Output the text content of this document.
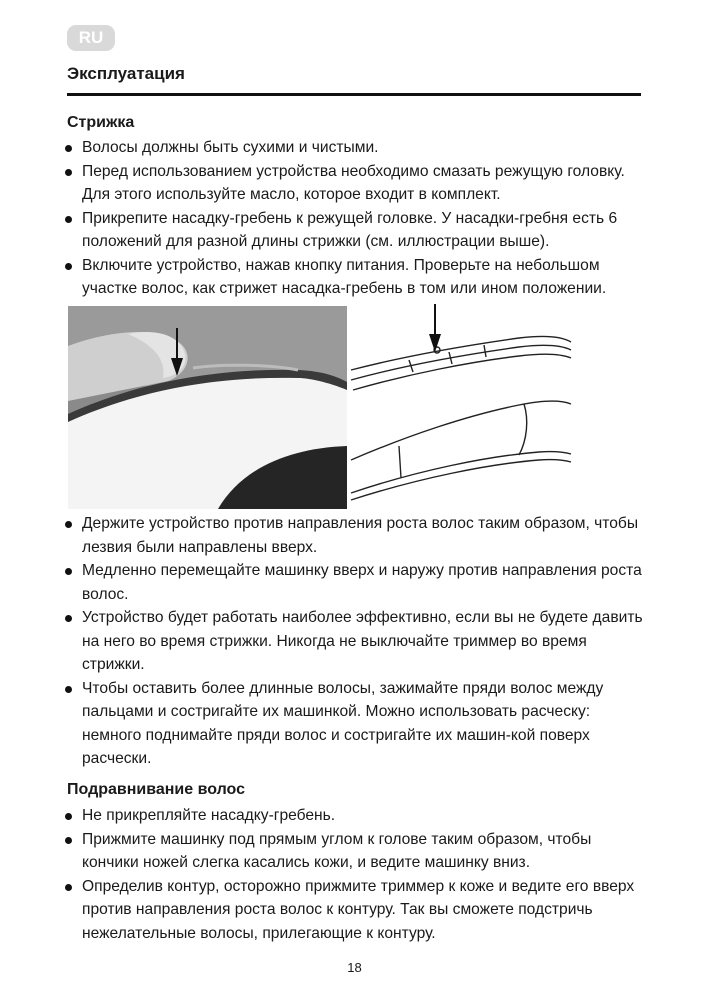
RU
Эксплуатация
Стрижка
Волосы должны быть сухими и чистыми.
Перед использованием устройства необходимо смазать режущую головку. Для этого используйте масло, которое входит в комплект.
Прикрепите насадку-гребень к режущей головке. У насадки-гребня есть 6 положений для разной длины стрижки (см. иллюстрации выше).
Включите устройство, нажав кнопку питания. Проверьте на небольшом участке волос, как стрижет насадка-гребень в том или ином положении.
Держите устройство против направления роста волос таким образом, чтобы лезвия были направлены вверх.
Медленно перемещайте машинку вверх и наружу против направления роста волос.
Устройство будет работать наиболее эффективно, если вы не будете давить на него во время стрижки. Никогда не выключайте триммер во время стрижки.
Чтобы оставить более длинные волосы, зажимайте пряди волос между пальцами и состригайте их машинкой. Можно использовать расческу: немного поднимайте пряди волос и состригайте их машин-кой поверх расчески.
Подравнивание волос
Не прикрепляйте насадку-гребень.
Прижмите машинку под прямым углом к голове таким образом, чтобы кончики ножей слегка касались кожи, и ведите машинку вниз.
Определив контур, осторожно прижмите триммер к коже и ведите его вверх против направления роста волос к контуру. Так вы сможете подстричь нежелательные волосы, прилегающие к контуру.
18
